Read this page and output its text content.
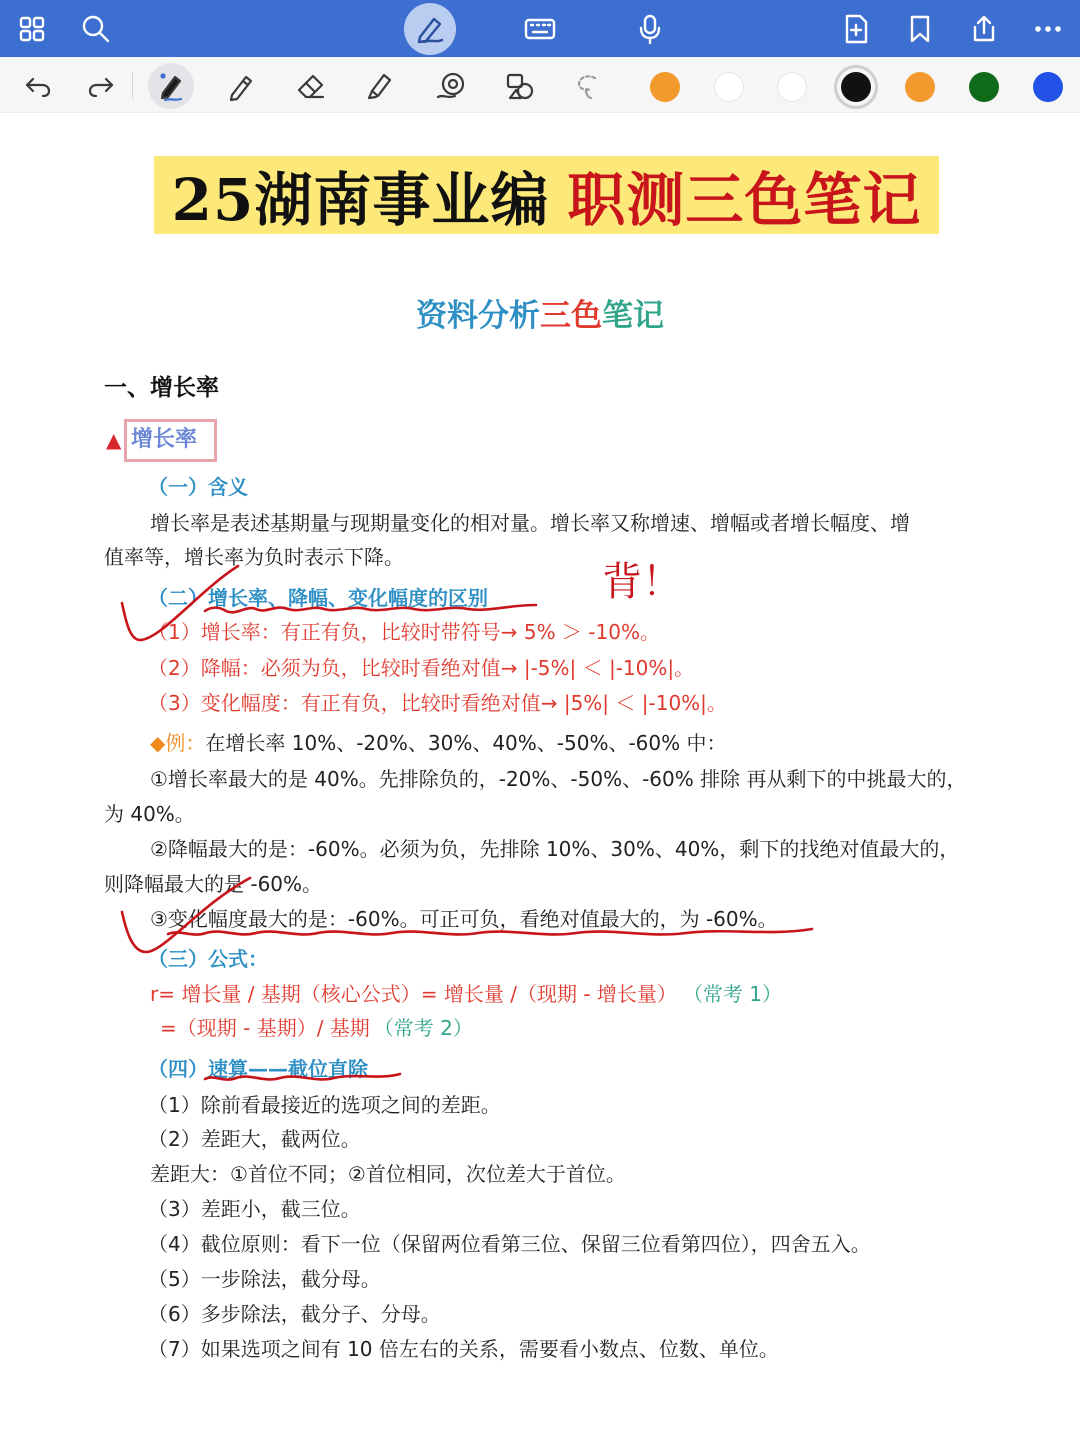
25湖南事业编 职测三色笔记
资料分析三色笔记
一、增长率
▲ 增长率
（一）含义
增长率是表述基期量与现期量变化的相对量。增长率又称增速、增幅或者增长幅度、增
值率等，增长率为负时表示下降。
背！
（二）增长率、降幅、变化幅度的区别
（1）增长率：有正有负，比较时带符号→ 5% ＞ -10%。
（2）降幅：必须为负，比较时看绝对值→ |-5%| ＜ |-10%|。
（3）变化幅度：有正有负，比较时看绝对值→ |5%| ＜ |-10%|。
◆例：在增长率 10%、-20%、30%、40%、-50%、-60% 中：
①增长率最大的是 40%。先排除负的，-20%、-50%、-60% 排除 再从剩下的中挑最大的，
为 40%。
②降幅最大的是：-60%。必须为负，先排除 10%、30%、40%，剩下的找绝对值最大的，
则降幅最大的是 -60%。
③变化幅度最大的是：-60%。可正可负，看绝对值最大的，为 -60%。
（三）公式：
r= 增长量 / 基期（核心公式）= 增长量 /（现期 - 增长量） （常考 1）
=（现期 - 基期）/ 基期 （常考 2）
（四）速算——截位直除
（1）除前看最接近的选项之间的差距。
（2）差距大，截两位。
差距大：①首位不同；②首位相同，次位差大于首位。
（3）差距小，截三位。
（4）截位原则：看下一位（保留两位看第三位、保留三位看第四位），四舍五入。
（5）一步除法，截分母。
（6）多步除法，截分子、分母。
（7）如果选项之间有 10 倍左右的关系，需要看小数点、位数、单位。
